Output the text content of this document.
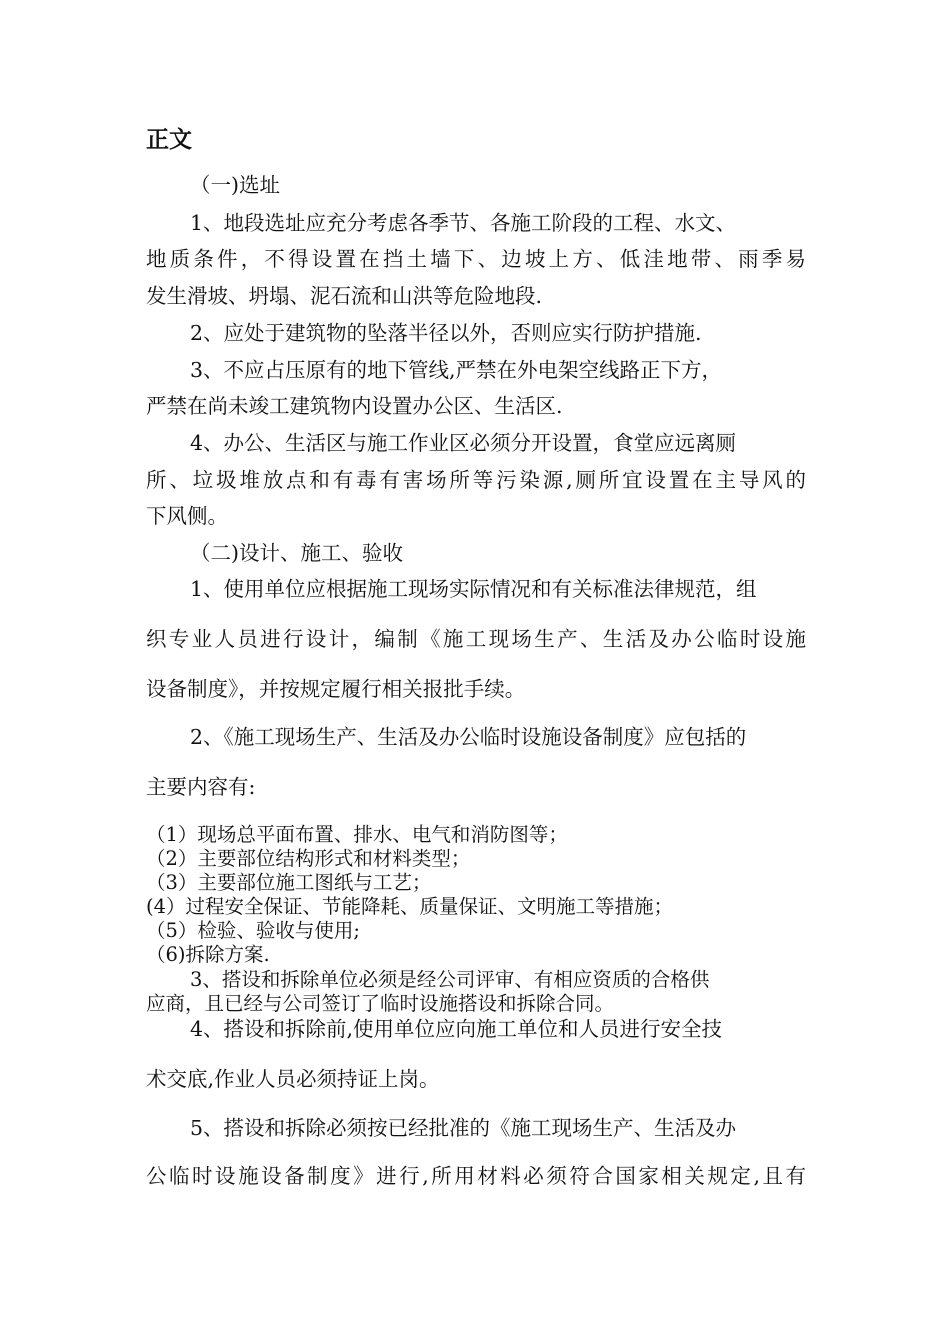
正文
（一)选址
1、地段选址应充分考虑各季节、各施工阶段的工程、水文、
地质条件，不得设置在挡土墙下、边坡上方、低洼地带、雨季易
发生滑坡、坍塌、泥石流和山洪等危险地段.
2、应处于建筑物的坠落半径以外，否则应实行防护措施.
3、不应占压原有的地下管线,严禁在外电架空线路正下方，
严禁在尚未竣工建筑物内设置办公区、生活区.
4、办公、生活区与施工作业区必须分开设置，食堂应远离厕
所、垃圾堆放点和有毒有害场所等污染源,厕所宜设置在主导风的
下风侧。
（二)设计、施工、验收
1、使用单位应根据施工现场实际情况和有关标准法律规范，组
织专业人员进行设计，编制《施工现场生产、生活及办公临时设施
设备制度》，并按规定履行相关报批手续。
2、《施工现场生产、生活及办公临时设施设备制度》应包括的
主要内容有:
（1）现场总平面布置、排水、电气和消防图等；
（2）主要部位结构形式和材料类型；
（3）主要部位施工图纸与工艺；
(4）过程安全保证、节能降耗、质量保证、文明施工等措施；
（5）检验、验收与使用;
（6)拆除方案.
3、搭设和拆除单位必须是经公司评审、有相应资质的合格供
应商，且已经与公司签订了临时设施搭设和拆除合同。
4、搭设和拆除前,使用单位应向施工单位和人员进行安全技
术交底,作业人员必须持证上岗。
5、搭设和拆除必须按已经批准的《施工现场生产、生活及办
公临时设施设备制度》进行,所用材料必须符合国家相关规定,且有
